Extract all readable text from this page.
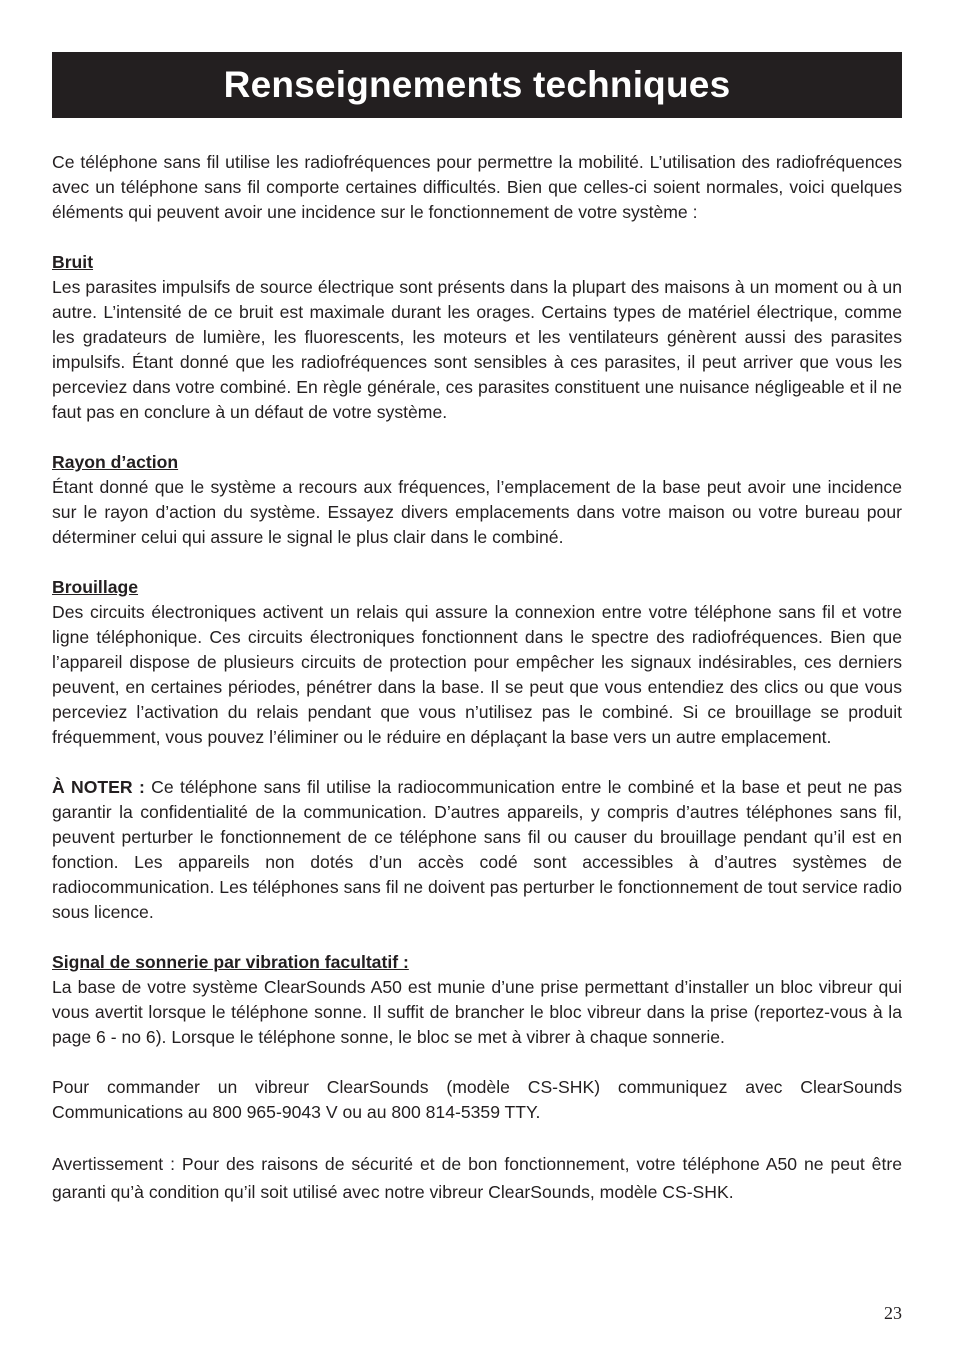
Renseignements techniques

Ce téléphone sans fil utilise les radiofréquences pour permettre la mobilité. L’utilisation des radiofréquences avec un téléphone sans fil comporte certaines difficultés. Bien que celles-ci soient normales, voici quelques éléments qui peuvent avoir une incidence sur le fonctionnement de votre système :

Bruit

Les parasites impulsifs de source électrique sont présents dans la plupart des maisons à un moment ou à un autre. L’intensité de ce bruit est maximale durant les orages. Certains types de matériel électrique, comme les gradateurs de lumière, les fluorescents, les moteurs et les ventilateurs génèrent aussi des parasites impulsifs. Étant donné que les radiofréquences sont sensibles à ces parasites, il peut arriver que vous les perceviez dans votre combiné. En règle générale, ces parasites constituent une nuisance négligeable et il ne faut pas en conclure à un défaut de votre système.

Rayon d’action

Étant donné que le système a recours aux fréquences, l’emplacement de la base peut avoir une incidence sur le rayon d’action du système. Essayez divers emplacements dans votre maison ou votre bureau pour déterminer celui qui assure le signal le plus clair dans le combiné.

Brouillage

Des circuits électroniques activent un relais qui assure la connexion entre votre téléphone sans fil et votre ligne téléphonique. Ces circuits électroniques fonctionnent dans le spectre des radiofréquences. Bien que l’appareil dispose de plusieurs circuits de protection pour empêcher les signaux indésirables, ces derniers peuvent, en certaines périodes, pénétrer dans la base. Il se peut que vous entendiez des clics ou que vous perceviez l’activation du relais pendant que vous n’utilisez pas le combiné. Si ce brouillage se produit fréquemment, vous pouvez l’éliminer ou le réduire en déplaçant la base vers un autre emplacement.

À NOTER : Ce téléphone sans fil utilise la radiocommunication entre le combiné et la base et peut ne pas garantir la confidentialité de la communication. D’autres appareils, y compris d’autres téléphones sans fil, peuvent perturber le fonctionnement de ce téléphone sans fil ou causer du brouillage pendant qu’il est en fonction. Les appareils non dotés d’un accès codé sont accessibles à d’autres systèmes de radiocommunication. Les téléphones sans fil ne doivent pas perturber le fonctionnement de tout service radio sous licence.

Signal de sonnerie par vibration facultatif :

La base de votre système ClearSounds A50 est munie d’une prise permettant d’installer un bloc vibreur qui vous avertit lorsque le téléphone sonne. Il suffit de brancher le bloc vibreur dans la prise (reportez-vous à la page 6 - no 6). Lorsque le téléphone sonne, le bloc se met à vibrer à chaque sonnerie.

Pour commander un vibreur ClearSounds (modèle CS-SHK) communiquez avec ClearSounds Communications au 800 965-9043 V ou au 800 814-5359 TTY.

Avertissement : Pour des raisons de sécurité et de bon fonctionnement, votre téléphone A50 ne peut être garanti qu’à condition qu’il soit utilisé avec notre vibreur ClearSounds, modèle CS-SHK.

23
